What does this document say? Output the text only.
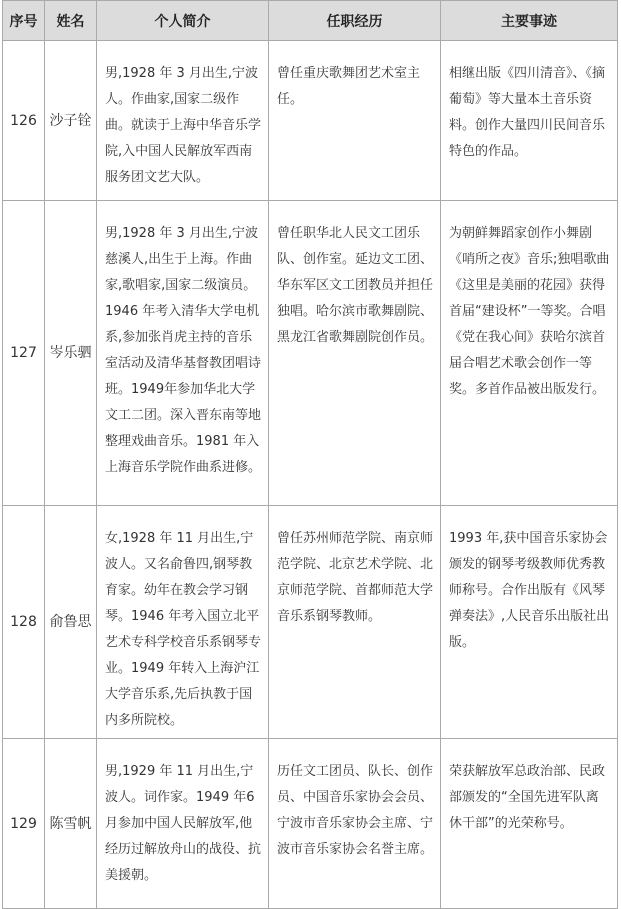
序号	姓名	个人简介	任职经历	主要事迹
126	沙子铨	男,1928 年 3 月出生,宁波人。作曲家,国家二级作曲。就读于上海中华音乐学院,入中国人民解放军西南服务团文艺大队。	曾任重庆歌舞团艺术室主任。	相继出版《四川清音》、《摘葡萄》等大量本土音乐资料。创作大量四川民间音乐特色的作品。
127	岑乐驷	男,1928 年 3 月出生,宁波慈溪人,出生于上海。作曲家,歌唱家,国家二级演员。1946 年考入清华大学电机系,参加张肖虎主持的音乐室活动及清华基督教团唱诗班。1949年参加华北大学文工二团。深入晋东南等地整理戏曲音乐。1981 年入上海音乐学院作曲系进修。	曾任职华北人民文工团乐队、创作室。延边文工团、华东军区文工团教员并担任独唱。哈尔滨市歌舞剧院、黑龙江省歌舞剧院创作员。	为朝鲜舞蹈家创作小舞剧《哨所之夜》音乐;独唱歌曲《这里是美丽的花园》获得首届“建设杯”一等奖。合唱《党在我心间》获哈尔滨首届合唱艺术歌会创作一等奖。多首作品被出版发行。
128	俞鲁思	女,1928 年 11 月出生,宁波人。又名俞鲁四,钢琴教育家。幼年在教会学习钢琴。1946 年考入国立北平艺术专科学校音乐系钢琴专业。1949 年转入上海沪江大学音乐系,先后执教于国内多所院校。	曾任苏州师范学院、南京师范学院、北京艺术学院、北京师范学院、首都师范大学音乐系钢琴教师。	1993 年,获中国音乐家协会颁发的钢琴考级教师优秀教师称号。合作出版有《风琴弹奏法》,人民音乐出版社出版。
129	陈雪帆	男,1929 年 11 月出生,宁波人。词作家。1949 年6 月参加中国人民解放军,他经历过解放舟山的战役、抗美援朝。	历任文工团员、队长、创作员、中国音乐家协会会员、宁波市音乐家协会主席、宁波市音乐家协会名誉主席。	荣获解放军总政治部、民政部颁发的“全国先进军队离休干部”的光荣称号。
